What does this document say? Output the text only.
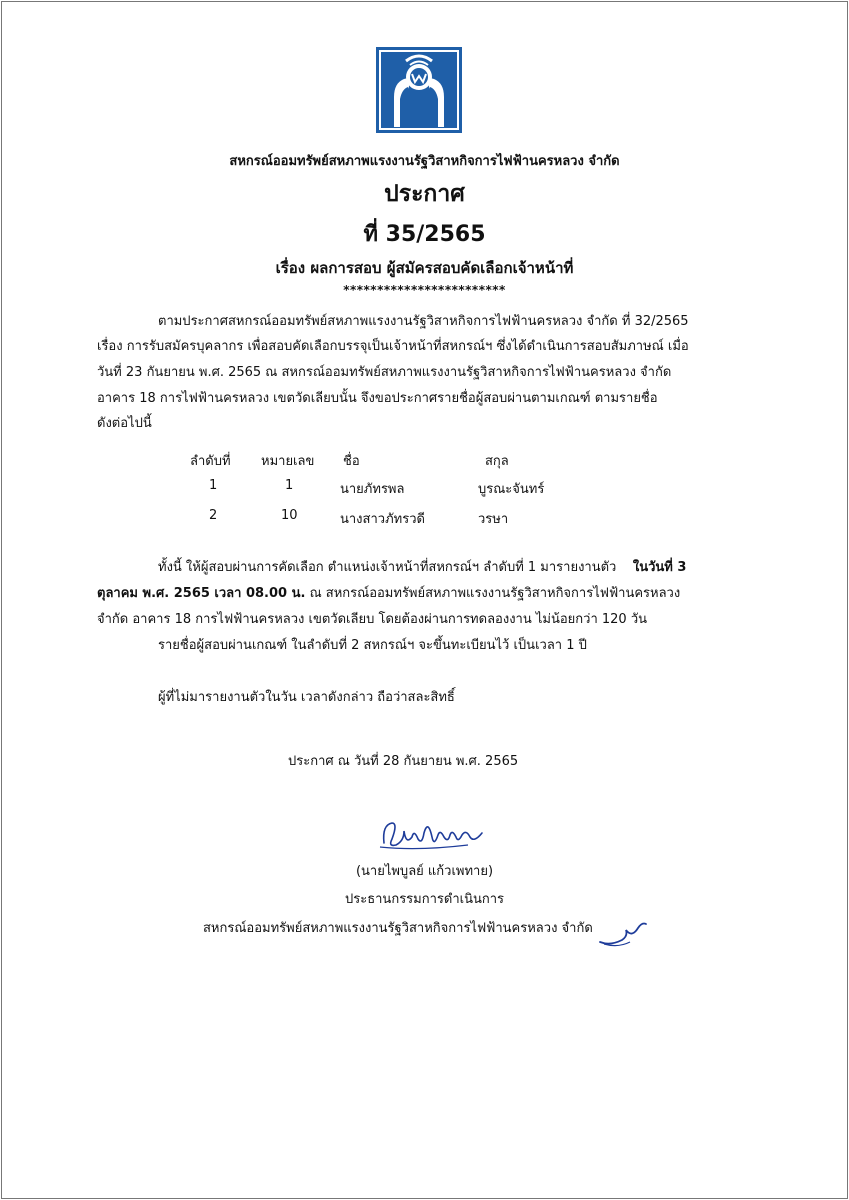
สหกรณ์ออมทรัพย์สหภาพแรงงานรัฐวิสาหกิจการไฟฟ้านครหลวง จำกัด
ประกาศ
ที่ 35/2565
เรื่อง ผลการสอบ ผู้สมัครสอบคัดเลือกเจ้าหน้าที่
************************
ตามประกาศสหกรณ์ออมทรัพย์สหภาพแรงงานรัฐวิสาหกิจการไฟฟ้านครหลวง จำกัด ที่ 32/2565
เรื่อง การรับสมัครบุคลากร เพื่อสอบคัดเลือกบรรจุเป็นเจ้าหน้าที่สหกรณ์ฯ ซึ่งได้ดำเนินการสอบสัมภาษณ์ เมื่อ
วันที่ 23 กันยายน พ.ศ. 2565 ณ สหกรณ์ออมทรัพย์สหภาพแรงงานรัฐวิสาหกิจการไฟฟ้านครหลวง จำกัด
อาคาร 18 การไฟฟ้านครหลวง เขตวัดเลียบนั้น จึงขอประกาศรายชื่อผู้สอบผ่านตามเกณฑ์ ตามรายชื่อ
ดังต่อไปนี้
ลำดับที่ หมายเลข ชื่อ	สกุล
1	1	นายภัทรพล	บูรณะจันทร์
2	10	นางสาวภัทรวดี	วรษา
ทั้งนี้ ให้ผู้สอบผ่านการคัดเลือก ตำแหน่งเจ้าหน้าที่สหกรณ์ฯ ลำดับที่ 1 มารายงานตัว ในวันที่ 3
ตุลาคม พ.ศ. 2565 เวลา 08.00 น. ณ สหกรณ์ออมทรัพย์สหภาพแรงงานรัฐวิสาหกิจการไฟฟ้านครหลวง
จำกัด อาคาร 18 การไฟฟ้านครหลวง เขตวัดเลียบ โดยต้องผ่านการทดลองงาน ไม่น้อยกว่า 120 วัน
รายชื่อผู้สอบผ่านเกณฑ์ ในลำดับที่ 2 สหกรณ์ฯ จะขึ้นทะเบียนไว้ เป็นเวลา 1 ปี
ผู้ที่ไม่มารายงานตัวในวัน เวลาดังกล่าว ถือว่าสละสิทธิ์
ประกาศ ณ วันที่ 28 กันยายน พ.ศ. 2565
(นายไพบูลย์ แก้วเพทาย)
ประธานกรรมการดำเนินการ
สหกรณ์ออมทรัพย์สหภาพแรงงานรัฐวิสาหกิจการไฟฟ้านครหลวง จำกัด
